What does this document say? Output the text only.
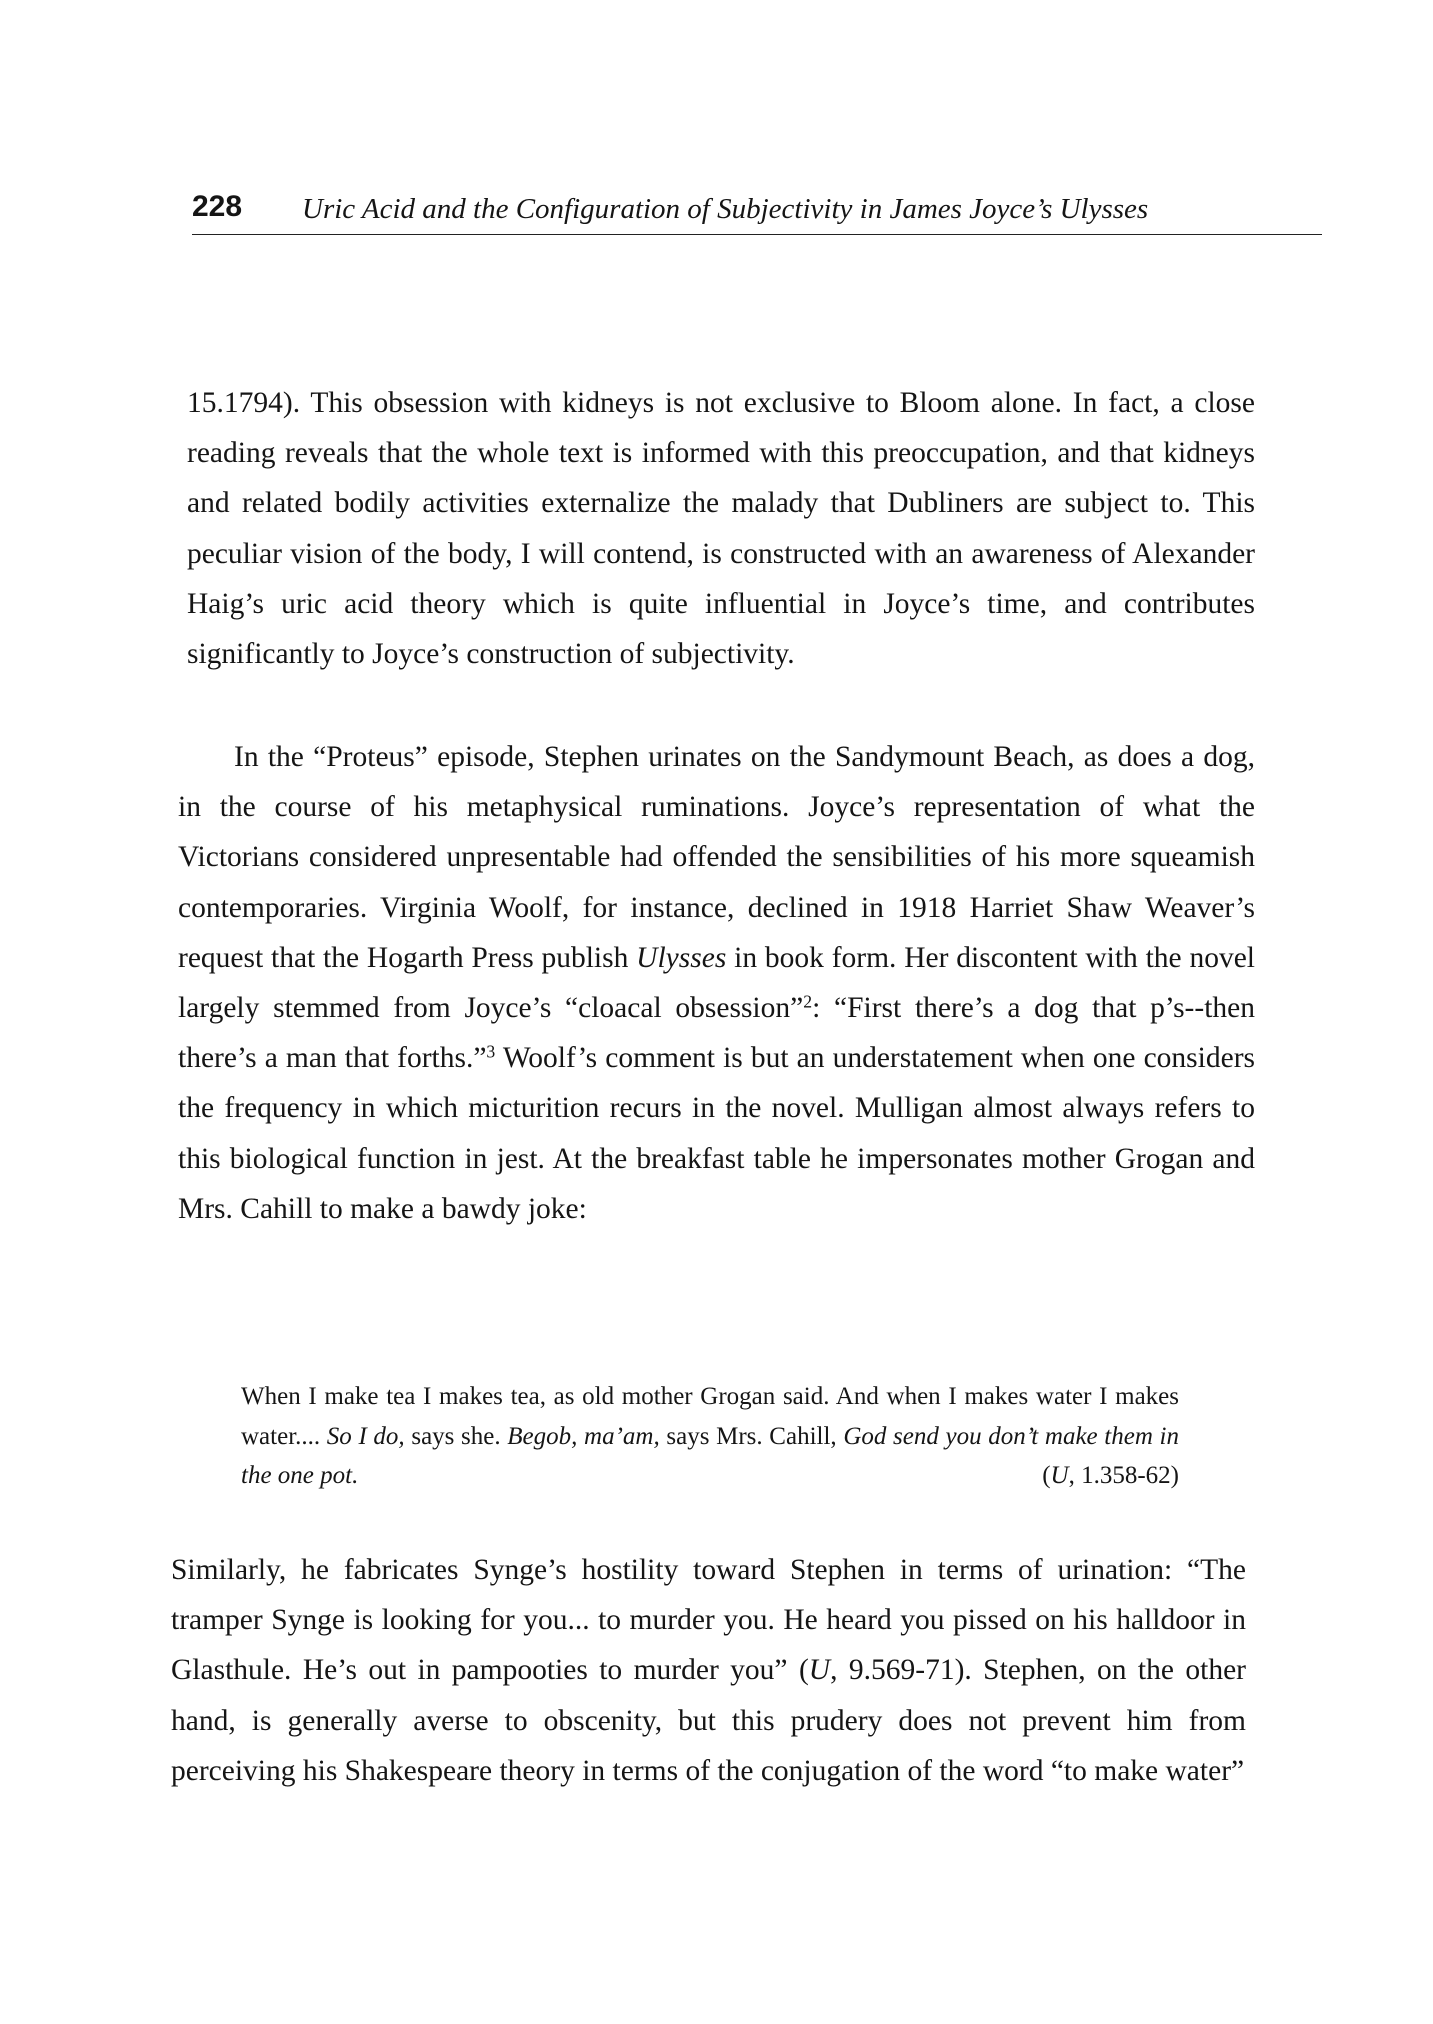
228 Uric Acid and the Configuration of Subjectivity in James Joyce’s Ulysses

15.1794). This obsession with kidneys is not exclusive to Bloom alone. In fact, a close reading reveals that the whole text is informed with this preoccupation, and that kidneys and related bodily activities externalize the malady that Dubliners are subject to. This peculiar vision of the body, I will contend, is constructed with an awareness of Alexander Haig’s uric acid theory which is quite influential in Joyce’s time, and contributes significantly to Joyce’s construction of subjectivity.

In the “Proteus” episode, Stephen urinates on the Sandymount Beach, as does a dog, in the course of his metaphysical ruminations. Joyce’s representation of what the Victorians considered unpresentable had offended the sensibilities of his more squeamish contemporaries. Virginia Woolf, for instance, declined in 1918 Harriet Shaw Weaver’s request that the Hogarth Press publish Ulysses in book form. Her discontent with the novel largely stemmed from Joyce’s “cloacal obsession”$^2$: “First there’s a dog that p’s--then there’s a man that forths.”$^3$ Woolf’s comment is but an understatement when one considers the frequency in which micturition recurs in the novel. Mulligan almost always refers to this biological function in jest. At the breakfast table he impersonates mother Grogan and Mrs. Cahill to make a bawdy joke:

When I make tea I makes tea, as old mother Grogan said. And when I makes water I makes water.... So I do, says she. Begob, ma’am, says Mrs. Cahill, God send you don’t make them in the one pot.	(U, 1.358-62)

Similarly, he fabricates Synge’s hostility toward Stephen in terms of urination: “The tramper Synge is looking for you... to murder you. He heard you pissed on his halldoor in Glasthule. He’s out in pampooties to murder you” (U, 9.569-71). Stephen, on the other hand, is generally averse to obscenity, but this prudery does not prevent him from perceiving his Shakespeare theory in terms of the conjugation of the word “to make water”
